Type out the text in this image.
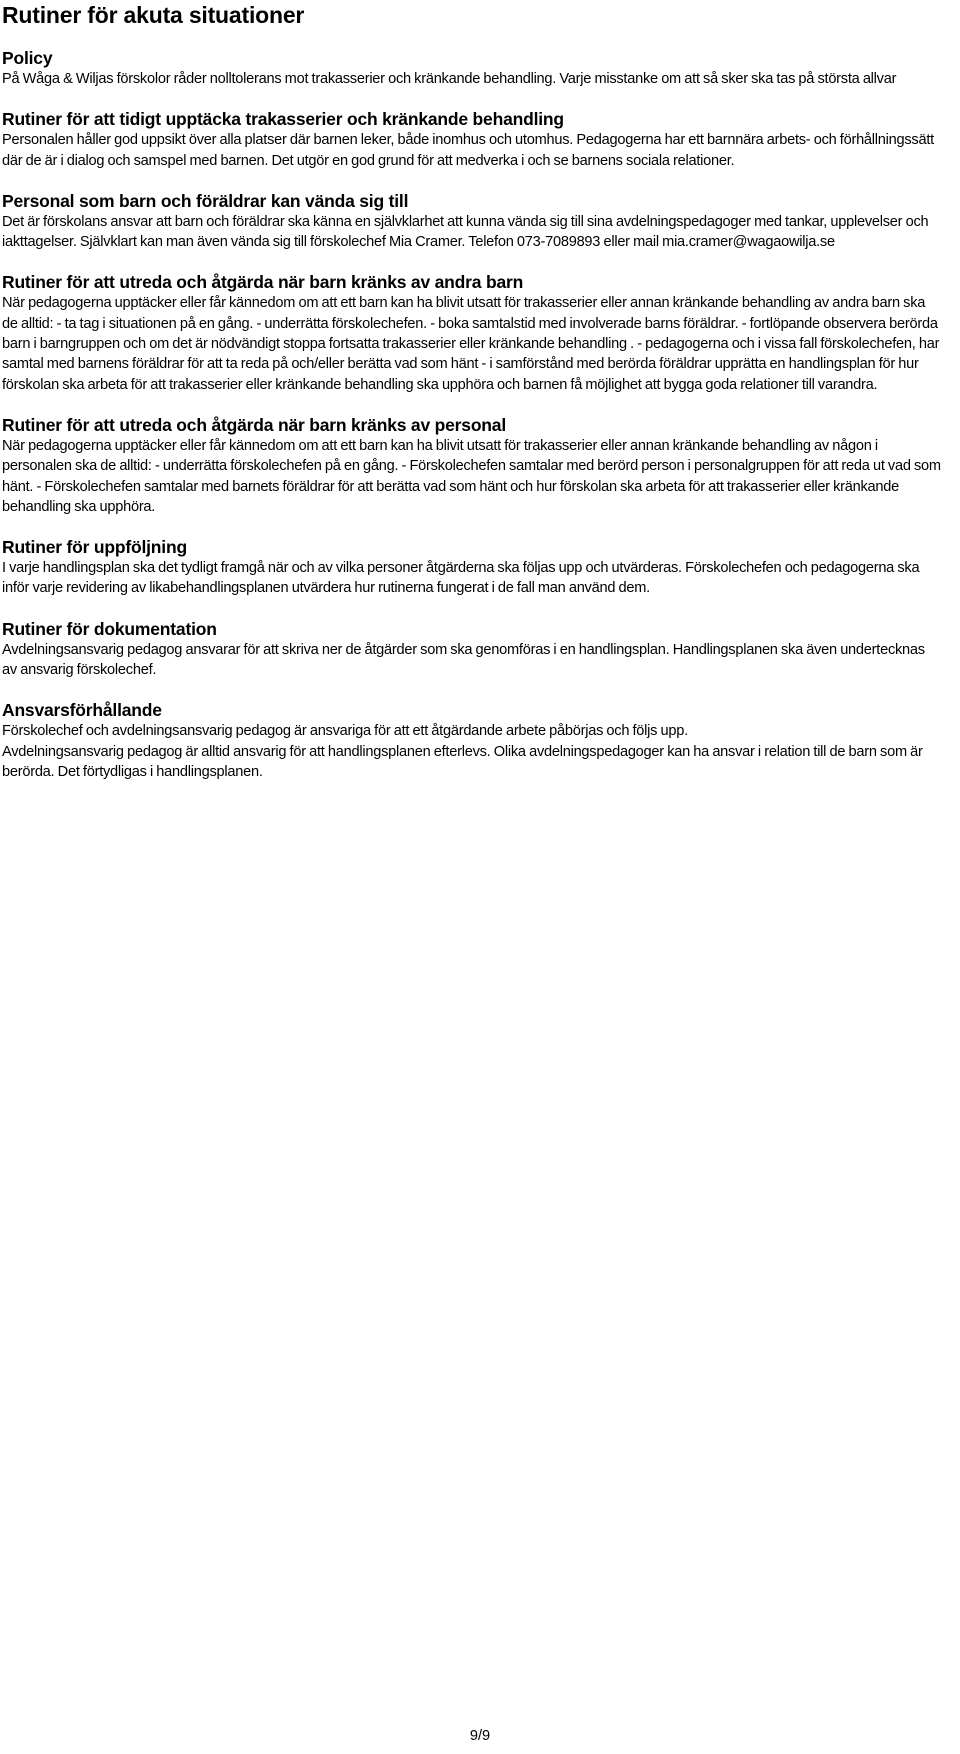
Rutiner för akuta situationer
Policy

På Wåga & Wiljas förskolor råder nolltolerans mot trakasserier och kränkande behandling. Varje misstanke om att så sker ska tas på största allvar

Rutiner för att tidigt upptäcka trakasserier och kränkande behandling

Personalen håller god uppsikt över alla platser där barnen leker, både inomhus och utomhus. Pedagogerna har ett barnnära arbets- och förhållningssätt där de är i dialog och samspel med barnen. Det utgör en god grund för att medverka i och se barnens sociala relationer.

Personal som barn och föräldrar kan vända sig till

Det är förskolans ansvar att barn och föräldrar ska känna en självklarhet att kunna vända sig till sina avdelningspedagoger med tankar, upplevelser och iakttagelser. Självklart kan man även vända sig till förskolechef Mia Cramer. Telefon 073-7089893 eller mail mia.cramer@wagaowilja.se

Rutiner för att utreda och åtgärda när barn kränks av andra barn

När pedagogerna upptäcker eller får kännedom om att ett barn kan ha blivit utsatt för trakasserier eller annan kränkande behandling av andra barn ska de alltid: - ta tag i situationen på en gång. - underrätta förskolechefen. - boka samtalstid med involverade barns föräldrar. - fortlöpande observera berörda barn i barngruppen och om det är nödvändigt stoppa fortsatta trakasserier eller kränkande behandling . - pedagogerna och i vissa fall förskolechefen, har samtal med barnens föräldrar för att ta reda på och/eller berätta vad som hänt - i samförstånd med berörda föräldrar upprätta en handlingsplan för hur förskolan ska arbeta för att trakasserier eller kränkande behandling ska upphöra och barnen få möjlighet att bygga goda relationer till varandra.

Rutiner för att utreda och åtgärda när barn kränks av personal

När pedagogerna upptäcker eller får kännedom om att ett barn kan ha blivit utsatt för trakasserier eller annan kränkande behandling av någon i personalen ska de alltid: - underrätta förskolechefen på en gång. - Förskolechefen samtalar med berörd person i personalgruppen för att reda ut vad som hänt. - Förskolechefen samtalar med barnets föräldrar för att berätta vad som hänt och hur förskolan ska arbeta för att trakasserier eller kränkande behandling ska upphöra.

Rutiner för uppföljning

I varje handlingsplan ska det tydligt framgå när och av vilka personer åtgärderna ska följas upp och utvärderas. Förskolechefen och pedagogerna ska inför varje revidering av likabehandlingsplanen utvärdera hur rutinerna fungerat i de fall man använd dem.

Rutiner för dokumentation

Avdelningsansvarig pedagog ansvarar för att skriva ner de åtgärder som ska genomföras i en handlingsplan. Handlingsplanen ska även undertecknas av ansvarig förskolechef.

Ansvarsförhållande

Förskolechef och avdelningsansvarig pedagog är ansvariga för att ett åtgärdande arbete påbörjas och följs upp.

Avdelningsansvarig pedagog är alltid ansvarig för att handlingsplanen efterlevs. Olika avdelningspedagoger kan ha ansvar i relation till de barn som är berörda. Det förtydligas i handlingsplanen.

9/9
